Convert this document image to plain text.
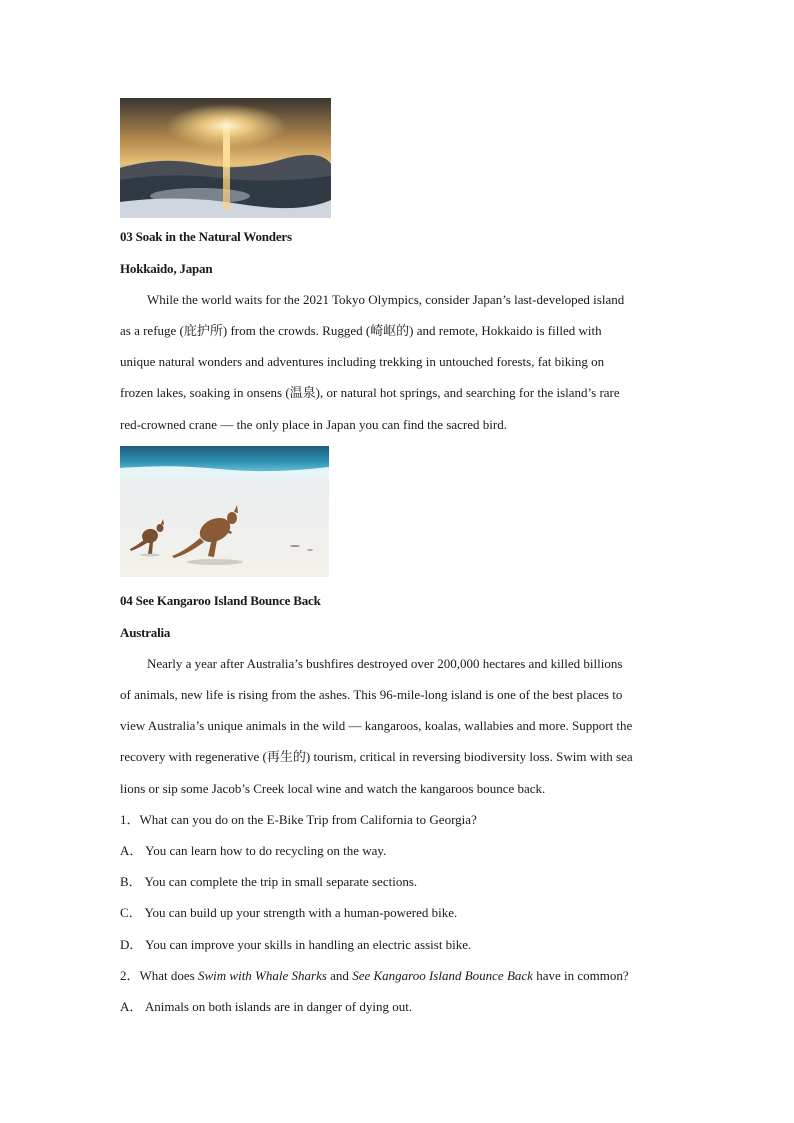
03 Soak in the Natural Wonders
Hokkaido, Japan
While the world waits for the 2021 Tokyo Olympics, consider Japan’s last-developed island
as a refuge (庇护所) from the crowds. Rugged (崎岖的) and remote, Hokkaido is filled with
unique natural wonders and adventures including trekking in untouched forests, fat biking on
frozen lakes, soaking in onsens (温泉), or natural hot springs, and searching for the island’s rare
red-crowned crane — the only place in Japan you can find the sacred bird.
04 See Kangaroo Island Bounce Back
Australia
Nearly a year after Australia’s bushfires destroyed over 200,000 hectares and killed billions
of animals, new life is rising from the ashes. This 96-mile-long island is one of the best places to
view Australia’s unique animals in the wild — kangaroos, koalas, wallabies and more. Support the
recovery with regenerative (再生的) tourism, critical in reversing biodiversity loss. Swim with sea
lions or sip some Jacob’s Creek local wine and watch the kangaroos bounce back.
1．What can you do on the E-Bike Trip from California to Georgia?
A． You can learn how to do recycling on the way.
B． You can complete the trip in small separate sections.
C． You can build up your strength with a human-powered bike.
D． You can improve your skills in handling an electric assist bike.
2．What does Swim with Whale Sharks and See Kangaroo Island Bounce Back have in common?
A． Animals on both islands are in danger of dying out.
